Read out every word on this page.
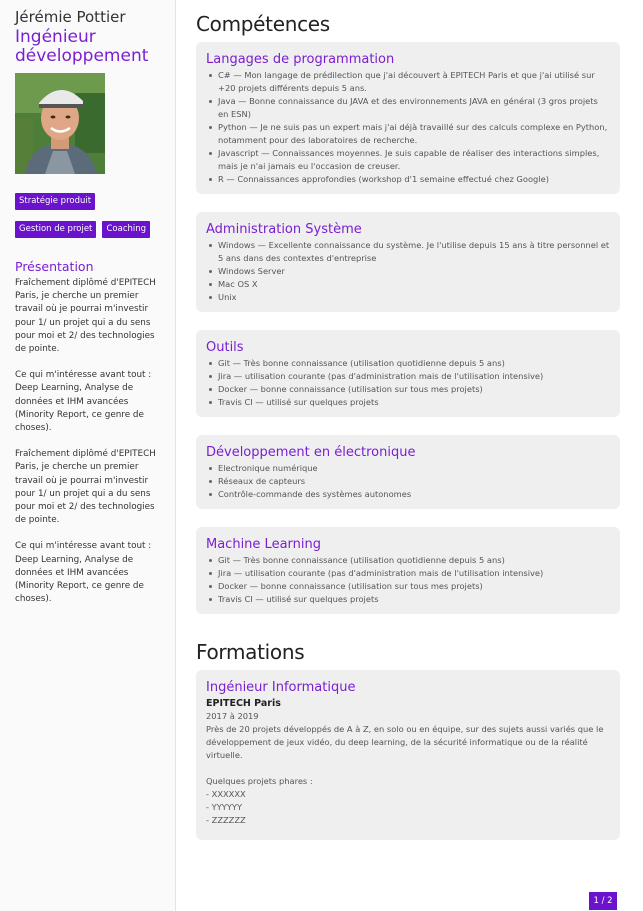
Jérémie Pottier
Ingénieur développement
Stratégie produit
Gestion de projet Coaching
Présentation

Fraîchement diplômé d'EPITECH Paris, je cherche un premier travail où je pourrai m'investir pour 1/ un projet qui a du sens pour moi et 2/ des technologies de pointe.

Ce qui m'intéresse avant tout : Deep Learning, Analyse de données et IHM avancées (Minority Report, ce genre de choses).

Fraîchement diplômé d'EPITECH Paris, je cherche un premier travail où je pourrai m'investir pour 1/ un projet qui a du sens pour moi et 2/ des technologies de pointe.

Ce qui m'intéresse avant tout : Deep Learning, Analyse de données et IHM avancées (Minority Report, ce genre de choses).

Compétences
Langages de programmation
C# — Mon langage de prédilection que j'ai découvert à EPITECH Paris et que j'ai utilisé sur +20 projets différents depuis 5 ans.
Java — Bonne connaissance du JAVA et des environnements JAVA en général (3 gros projets en ESN)
Python — Je ne suis pas un expert mais j'ai déjà travaillé sur des calculs complexe en Python, notamment pour des laboratoires de recherche.
Javascript — Connaissances moyennes. Je suis capable de réaliser des interactions simples, mais je n'ai jamais eu l'occasion de creuser.
R — Connaissances approfondies (workshop d'1 semaine effectué chez Google)
Administration Système
Windows — Excellente connaissance du système. Je l'utilise depuis 15 ans à titre personnel et 5 ans dans des contextes d'entreprise
Windows Server
Mac OS X
Unix
Outils
Git — Très bonne connaissance (utilisation quotidienne depuis 5 ans)
Jira — utilisation courante (pas d'administration mais de l'utilisation intensive)
Docker — bonne connaissance (utilisation sur tous mes projets)
Travis CI — utilisé sur quelques projets
Développement en électronique
Electronique numérique
Réseaux de capteurs
Contrôle-commande des systèmes autonomes
Machine Learning
Git — Très bonne connaissance (utilisation quotidienne depuis 5 ans)
Jira — utilisation courante (pas d'administration mais de l'utilisation intensive)
Docker — bonne connaissance (utilisation sur tous mes projets)
Travis CI — utilisé sur quelques projets
Formations
Ingénieur Informatique
EPITECH Paris
2017 à 2019
Près de 20 projets développés de A à Z, en solo ou en équipe, sur des sujets aussi variés que le développement de jeux vidéo, du deep learning, de la sécurité informatique ou de la réalité virtuelle.
Quelques projets phares :
- XXXXXX
- YYYYYY
- ZZZZZZ
1 / 2
